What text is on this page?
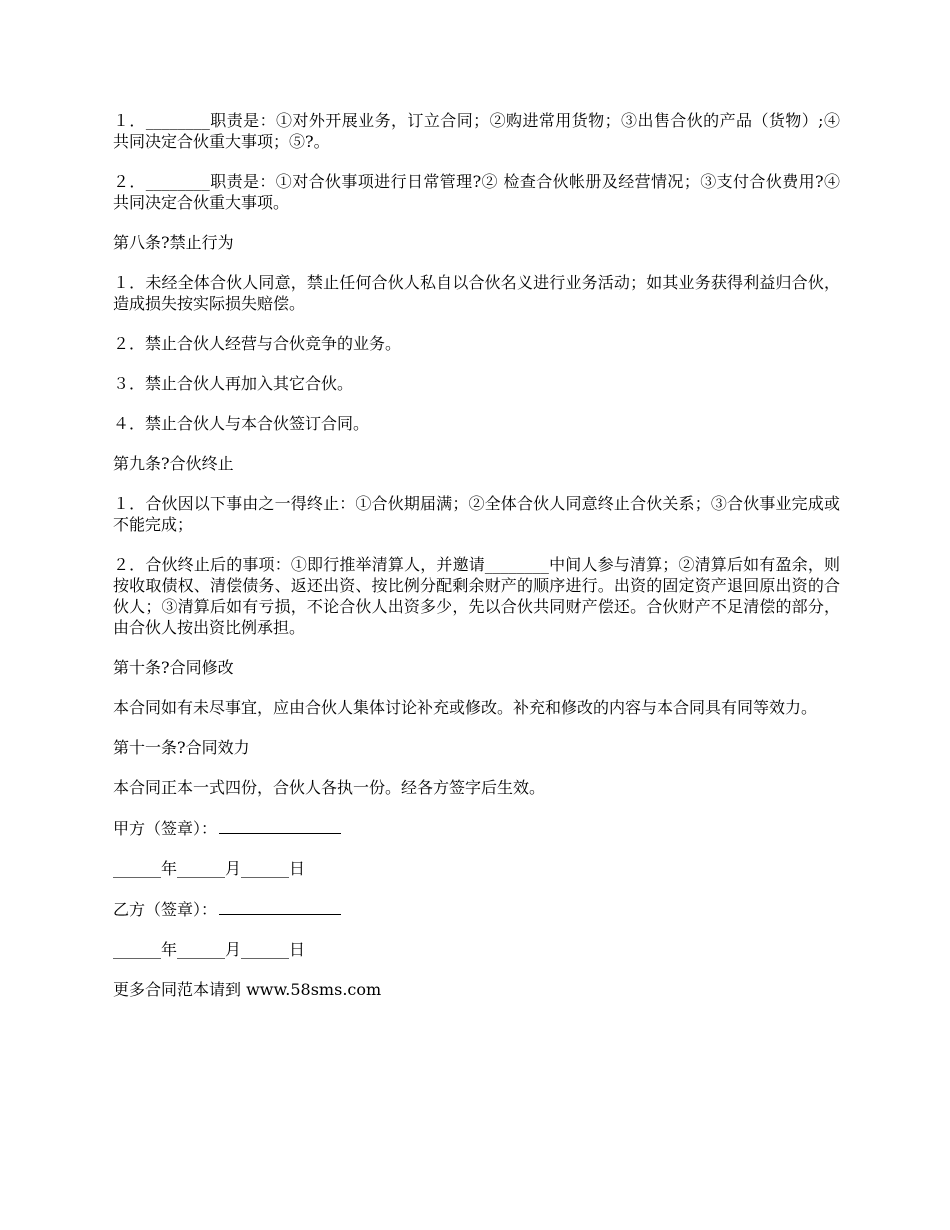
１．________职责是：①对外开展业务，订立合同；②购进常用货物；③出售合伙的产品（货物）;④ 共同决定合伙重大事项；⑤?。

２．________职责是：①对合伙事项进行日常管理?② 检查合伙帐册及经营情况；③支付合伙费用?④ 共同决定合伙重大事项。

第八条?禁止行为

１．未经全体合伙人同意，禁止任何合伙人私自以合伙名义进行业务活动；如其业务获得利益归合伙，造成损失按实际损失赔偿。

２．禁止合伙人经营与合伙竞争的业务。

３．禁止合伙人再加入其它合伙。

４．禁止合伙人与本合伙签订合同。

第九条?合伙终止

１．合伙因以下事由之一得终止：①合伙期届满；②全体合伙人同意终止合伙关系；③合伙事业完成或不能完成；

２．合伙终止后的事项：①即行推举清算人，并邀请________中间人参与清算；②清算后如有盈余，则按收取债权、清偿债务、返还出资、按比例分配剩余财产的顺序进行。出资的固定资产退回原出资的合伙人；③清算后如有亏损，不论合伙人出资多少，先以合伙共同财产偿还。合伙财产不足清偿的部分，由合伙人按出资比例承担。

第十条?合同修改

本合同如有未尽事宜，应由合伙人集体讨论补充或修改。补充和修改的内容与本合同具有同等效力。

第十一条?合同效力

本合同正本一式四份，合伙人各执一份。经各方签字后生效。

甲方（签章）：
______年______月______日
乙方（签章）：
______年______月______日
更多合同范本请到 www.58sms.com
